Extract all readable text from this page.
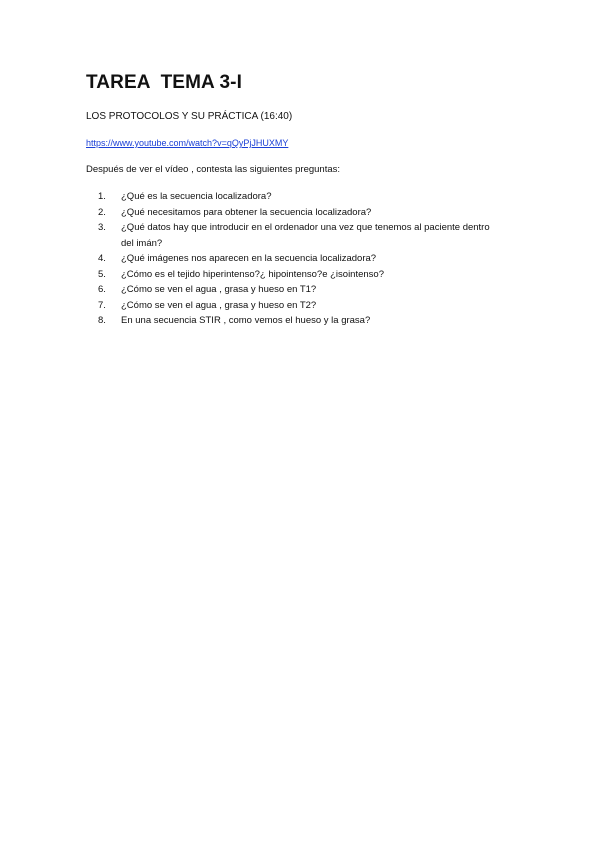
TAREA  TEMA 3-I

LOS PROTOCOLOS Y SU PRÁCTICA (16:40)

https://www.youtube.com/watch?v=qQyPjJHUXMY

Después de ver el vídeo , contesta las siguientes preguntas:

1.	¿Qué es la secuencia localizadora?
2.	¿Qué necesitamos para obtener la secuencia localizadora?
3.	¿Qué datos hay que introducir en el ordenador una vez que tenemos al paciente dentro del imán?
4.	¿Qué imágenes nos aparecen en la secuencia localizadora?
5.	¿Cómo es el tejido hiperintenso?¿ hipointenso?e ¿isointenso?
6.	¿Cómo se ven el agua , grasa y hueso en T1?
7.	¿Cómo se ven el agua , grasa y hueso en T2?
8.	En una secuencia STIR , como vemos el hueso y la grasa?
